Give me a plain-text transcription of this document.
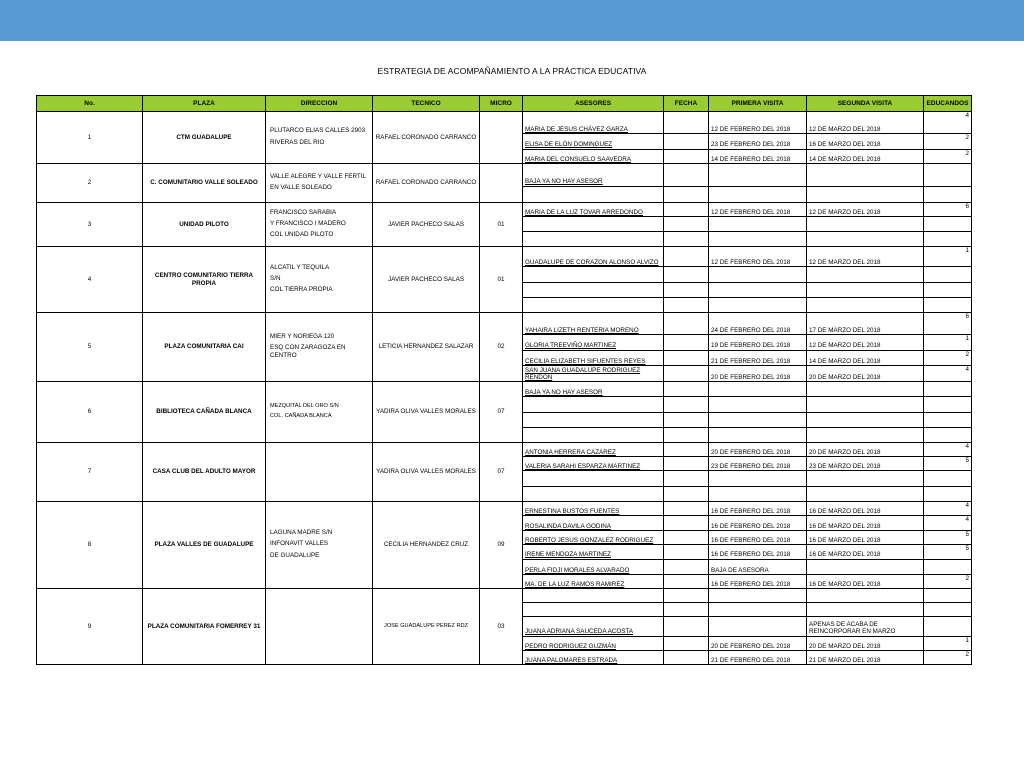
ESTRATEGIA DE ACOMPAÑAMIENTO A LA PRÁCTICA EDUCATIVA
No.	PLAZA	DIRECCION	TECNICO	MICRO	ASESORES	FECHA	PRIMERA VISITA	SEGUNDA VISITA	EDUCANDOS
1	CTM GUADALUPE	PLUTARCO ELIAS CALLES 2903
RIVERAS DEL RIO	RAFAEL CORONADO CARRANCO		MARIA DE JESUS CHÁVEZ GARZA		12 DE FEBRERO DEL 2018	12 DE MARZO DEL 2018	4
					ELISA DE ELÓN DOMINGUEZ		23 DE FEBRERO DEL 2018	16 DE MARZO DEL 2018	2
					MARIA DEL CONSUELO SAAVEDRA		14 DE FEBRERO DEL 2018	14 DE MARZO DEL 2018	2
2	C. COMUNITARIO VALLE SOLEADO	VALLE ALEGRE Y VALLE FERTIL
EN VALLE SOLEADO	RAFAEL CORONADO CARRANCO		BAJA YA NO HAY ASESOR				

3	UNIDAD PILOTO	FRANCISCO SARABIA
Y FRANCISCO I MADERO
COL UNIDAD PILOTO	JAVIER PACHECO SALAS	01	MARIA DE LA LUZ TOVAR ARREDONDO		12 DE FEBRERO DEL 2018	12 DE MARZO DEL 2018	6

4	CENTRO COMUNITARIO TIERRA PROPIA	ALCATIL Y TEQUILA
S/N
COL TIERRA PROPIA	JAVIER PACHECO SALAS	01	GUADALUPE DE CORAZON ALONSO ALVIZO		12 DE FEBRERO DEL 2018	12 DE MARZO DEL 2018	1

5	PLAZA COMUNITARIA CAI	MIER Y NORIEGA 120
ESQ CON ZARAGOZA EN CENTRO	LETICIA HERNANDEZ SALAZAR	02	YAHAIRA LIZETH RENTERIA MORENO		24 DE FEBRERO DEL 2018	17 DE MARZO DEL 2018	6
					GLORIA TREEVIÑO MARTINEZ		19 DE FEBRERO DEL 2018	12 DE MARZO DEL 2018	1
					CECILIA ELIZABETH SIFUENTES REYES		21 DE FEBRERO DEL 2018	14 DE MARZO DEL 2018	2
					SAN JUANA GUADALUPE RODRIGUEZ RENDÓN		20 DE FEBRERO DEL 2018	20 DE MARZO DEL 2018	4
6	BIBLIOTECA CAÑADA BLANCA	MEZQUITAL DEL ORO S/N
COL. CAÑADA BLANCA	YADIRA OLIVA VALLES MORALES	07	BAJA YA NO HAY ASESOR				

7	CASA CLUB DEL ADULTO MAYOR		YADIRA OLIVA VALLES MORALES	07	ANTONIA HERRERA CAZAREZ		20 DE FEBRERO DEL 2018	20 DE MARZO DEL 2018	4
					VALERIA SARAHI ESPARZA MARTINEZ		23 DE FEBRERO DEL 2018	23 DE MARZO DEL 2018	5

8	PLAZA VALLES DE GUADALUPE	LAGUNA MADRE S/N
INFONAVIT VALLES
DE GUADALUPE	CECILIA HERNANDEZ CRUZ	09	ERNESTINA BUSTOS FUENTES		16 DE FEBRERO DEL 2018	16 DE MARZO DEL 2018	4
					ROSALINDA DAVILA GODINA		16 DE FEBRERO DEL 2018	16 DE MARZO DEL 2018	4
					ROBERTO JESUS GONZALEZ RODRIGUEZ		16 DE FEBRERO DEL 2018	16 DE MARZO DEL 2018	5
					IRENE MENDOZA MARTINEZ		16 DE FEBRERO DEL 2018	16 DE MARZO DEL 2018	5
					PERLA FIDJI MORALES ALVARADO		BAJA DE ASESORA		
					MA. DE LA LUZ RAMOS RAMIREZ		16 DE FEBRERO DEL 2018	16 DE MARZO DEL 2018	2
9	PLAZA COMUNITARIA FOMERREY 31		JOSE GUADALUPE PEREZ RDZ	03					

					JUANA ADRIANA SAUCEDA ACOSTA			APENAS DE ACABA DE REINCORPORAR EN MARZO	
					PEDRO RODRIGUEZ GUZMÁN		20 DE FEBRERO DEL 2018	20 DE MARZO DEL 2018	1
					JUANA PALOMARES ESTRADA		21 DE FEBRERO DEL 2018	21 DE MARZO DEL 2018	2
